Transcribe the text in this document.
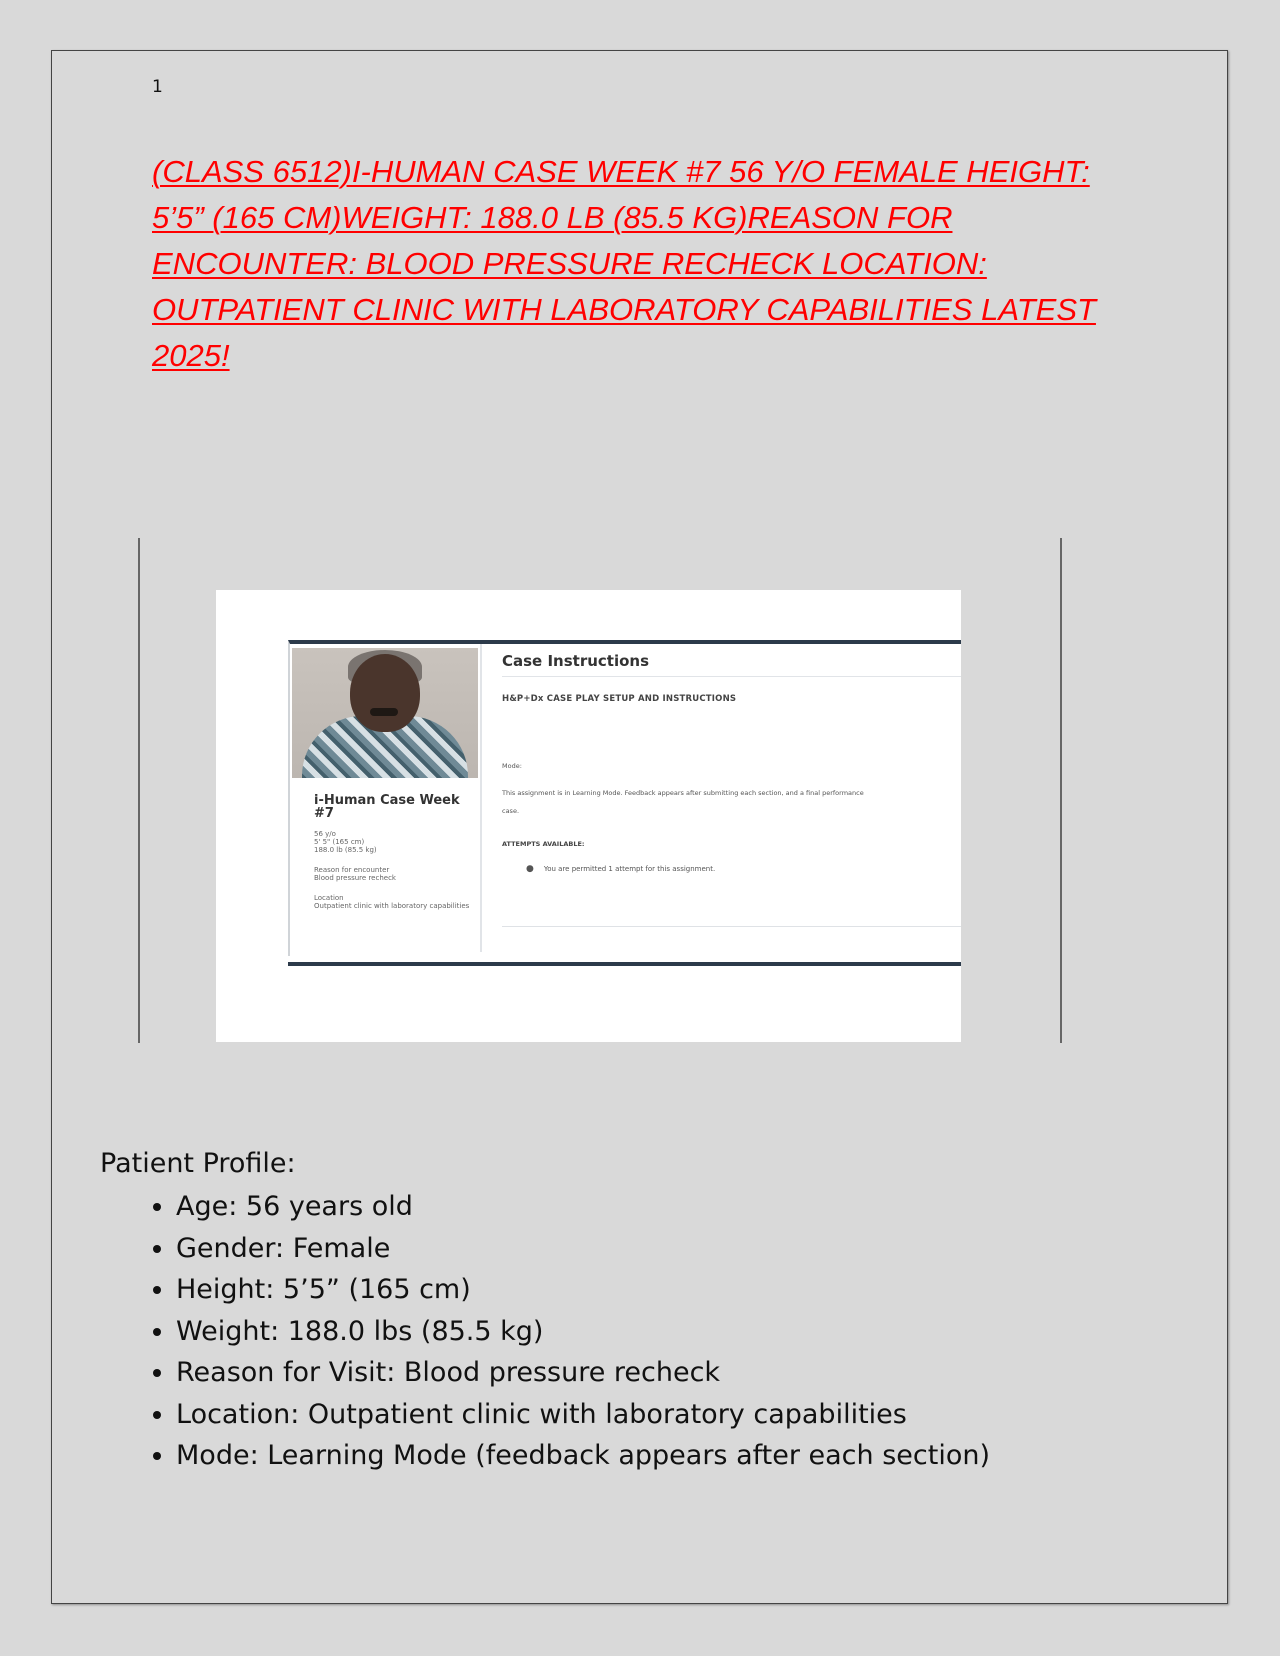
1
(CLASS 6512)I-HUMAN CASE WEEK #7 56 Y/O FEMALE HEIGHT: 5’5” (165 CM)WEIGHT: 188.0 LB (85.5 KG)REASON FOR ENCOUNTER: BLOOD PRESSURE RECHECK LOCATION: OUTPATIENT CLINIC WITH LABORATORY CAPABILITIES LATEST 2025!
i-Human Case Week #7
56 y/o
5' 5" (165 cm)
188.0 lb (85.5 kg)
Reason for encounter
Blood pressure recheck
Location
Outpatient clinic with laboratory capabilities
Case Instructions
H&P+Dx CASE PLAY SETUP AND INSTRUCTIONS
Mode:
This assignment is in Learning Mode. Feedback appears after submitting each section, and a final performance
case.
ATTEMPTS AVAILABLE:
● You are permitted 1 attempt for this assignment.
Patient Profile:
• Age: 56 years old
• Gender: Female
• Height: 5’5” (165 cm)
• Weight: 188.0 lbs (85.5 kg)
• Reason for Visit: Blood pressure recheck
• Location: Outpatient clinic with laboratory capabilities
• Mode: Learning Mode (feedback appears after each section)
